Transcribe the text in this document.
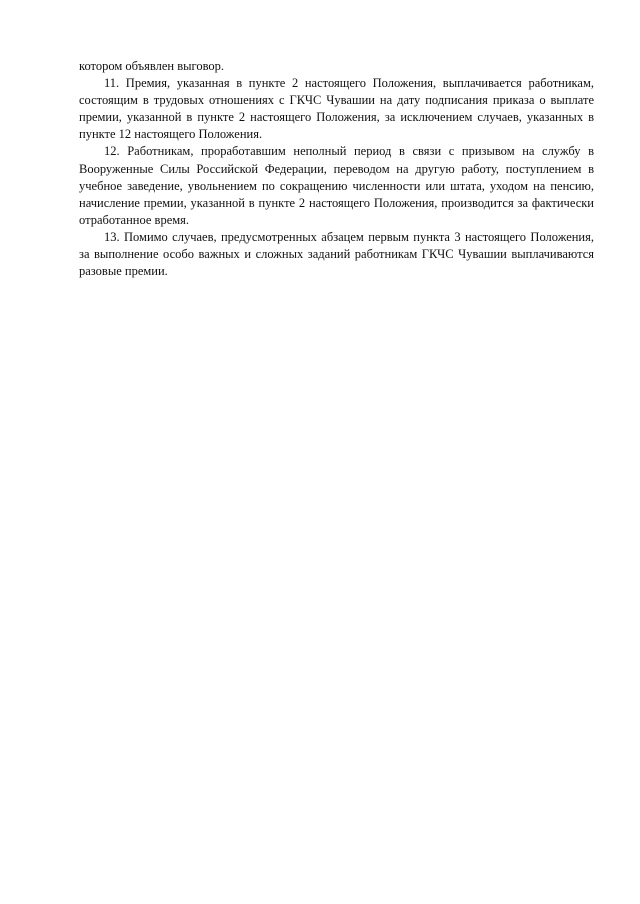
котором объявлен выговор.

11. Премия, указанная в пункте 2 настоящего Положения, выплачивается работникам, состоящим в трудовых отношениях с ГКЧС Чувашии на дату подписания приказа о выплате премии, указанной в пункте 2 настоящего Положения, за исключением случаев, указанных в пункте 12 настоящего Положения.

12. Работникам, проработавшим неполный период в связи с призывом на службу в Вооруженные Силы Российской Федерации, переводом на другую работу, поступлением в учебное заведение, увольнением по сокращению численности или штата, уходом на пенсию, начисление премии, указанной в пункте 2 настоящего Положения, производится за фактически отработанное время.

13. Помимо случаев, предусмотренных абзацем первым пункта 3 настоящего Положения, за выполнение особо важных и сложных заданий работникам ГКЧС Чувашии выплачиваются разовые премии.
